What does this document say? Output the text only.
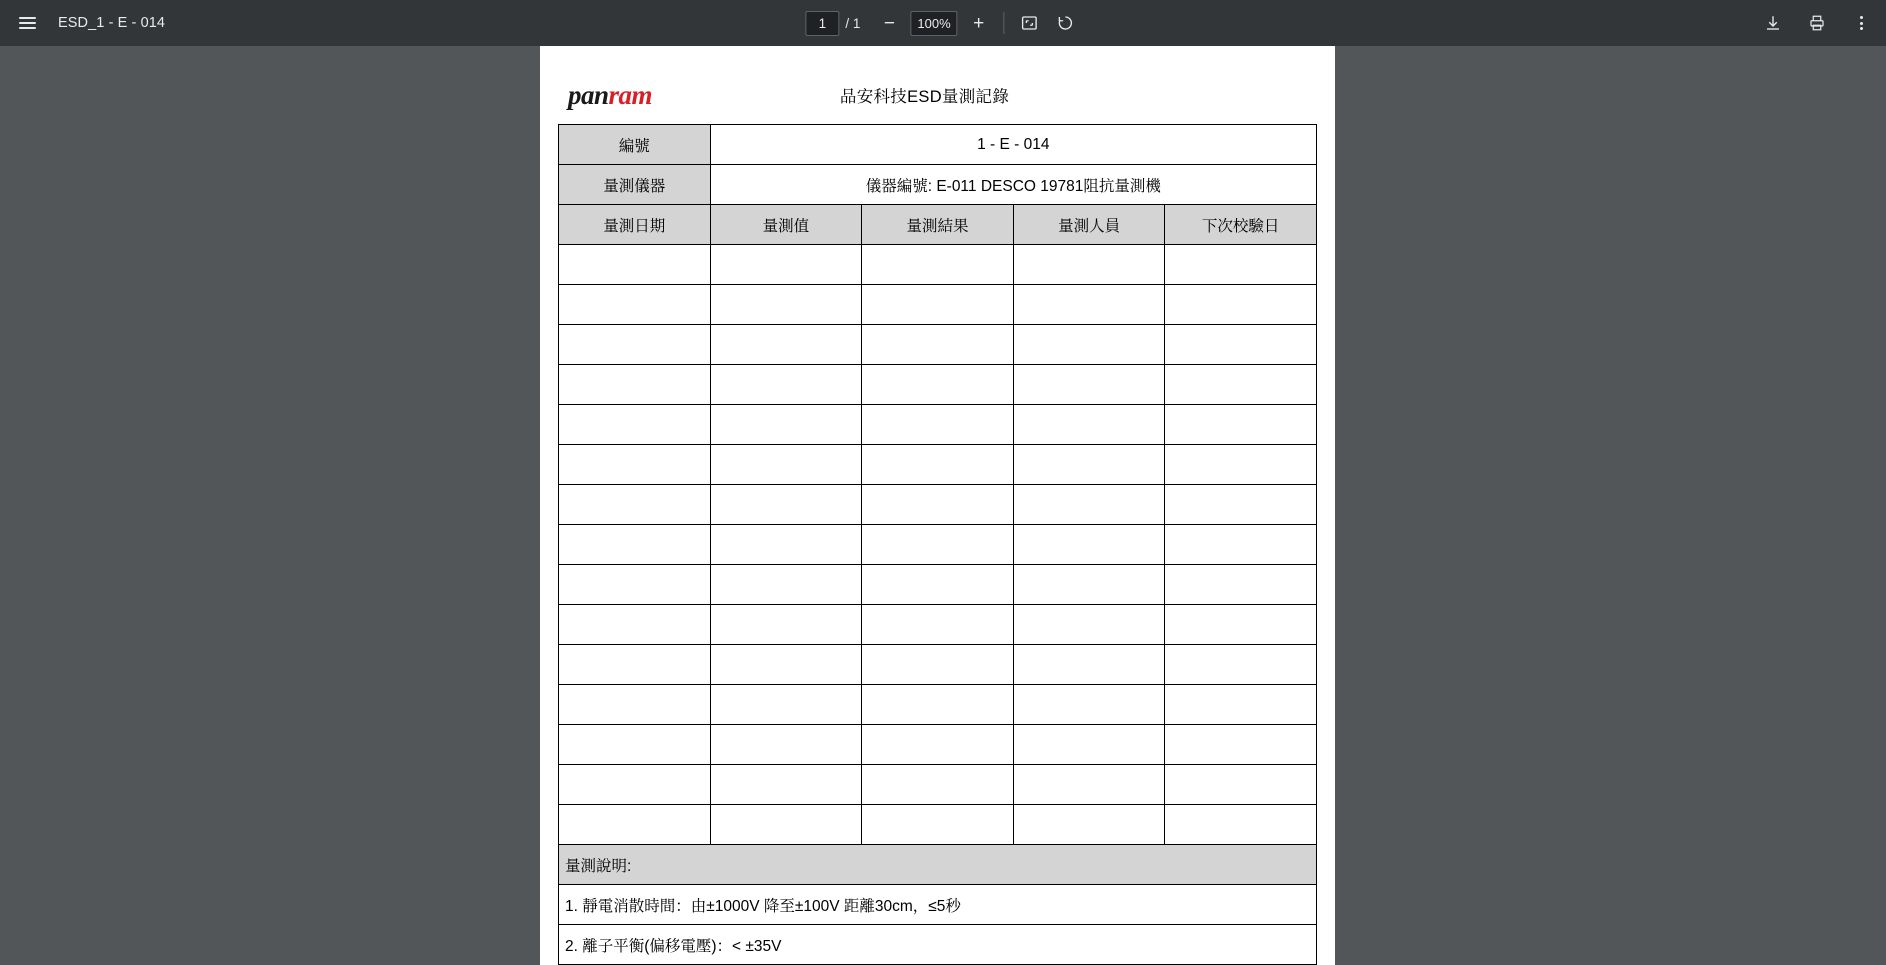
ESD_1 - E - 014
1	/ 1	−	100%	+
panram	品安科技ESD量測記錄
編號	1 - E - 014			
量測儀器	儀器編號: E-011 DESCO 19781阻抗量測機			
量測日期	量測值	量測結果	量測人員	下次校驗日

量測說明:				
1. 靜電消散時間：由±1000V 降至±100V 距離30cm，≤5秒				
2. 離子平衡(偏移電壓)：< ±35V				
